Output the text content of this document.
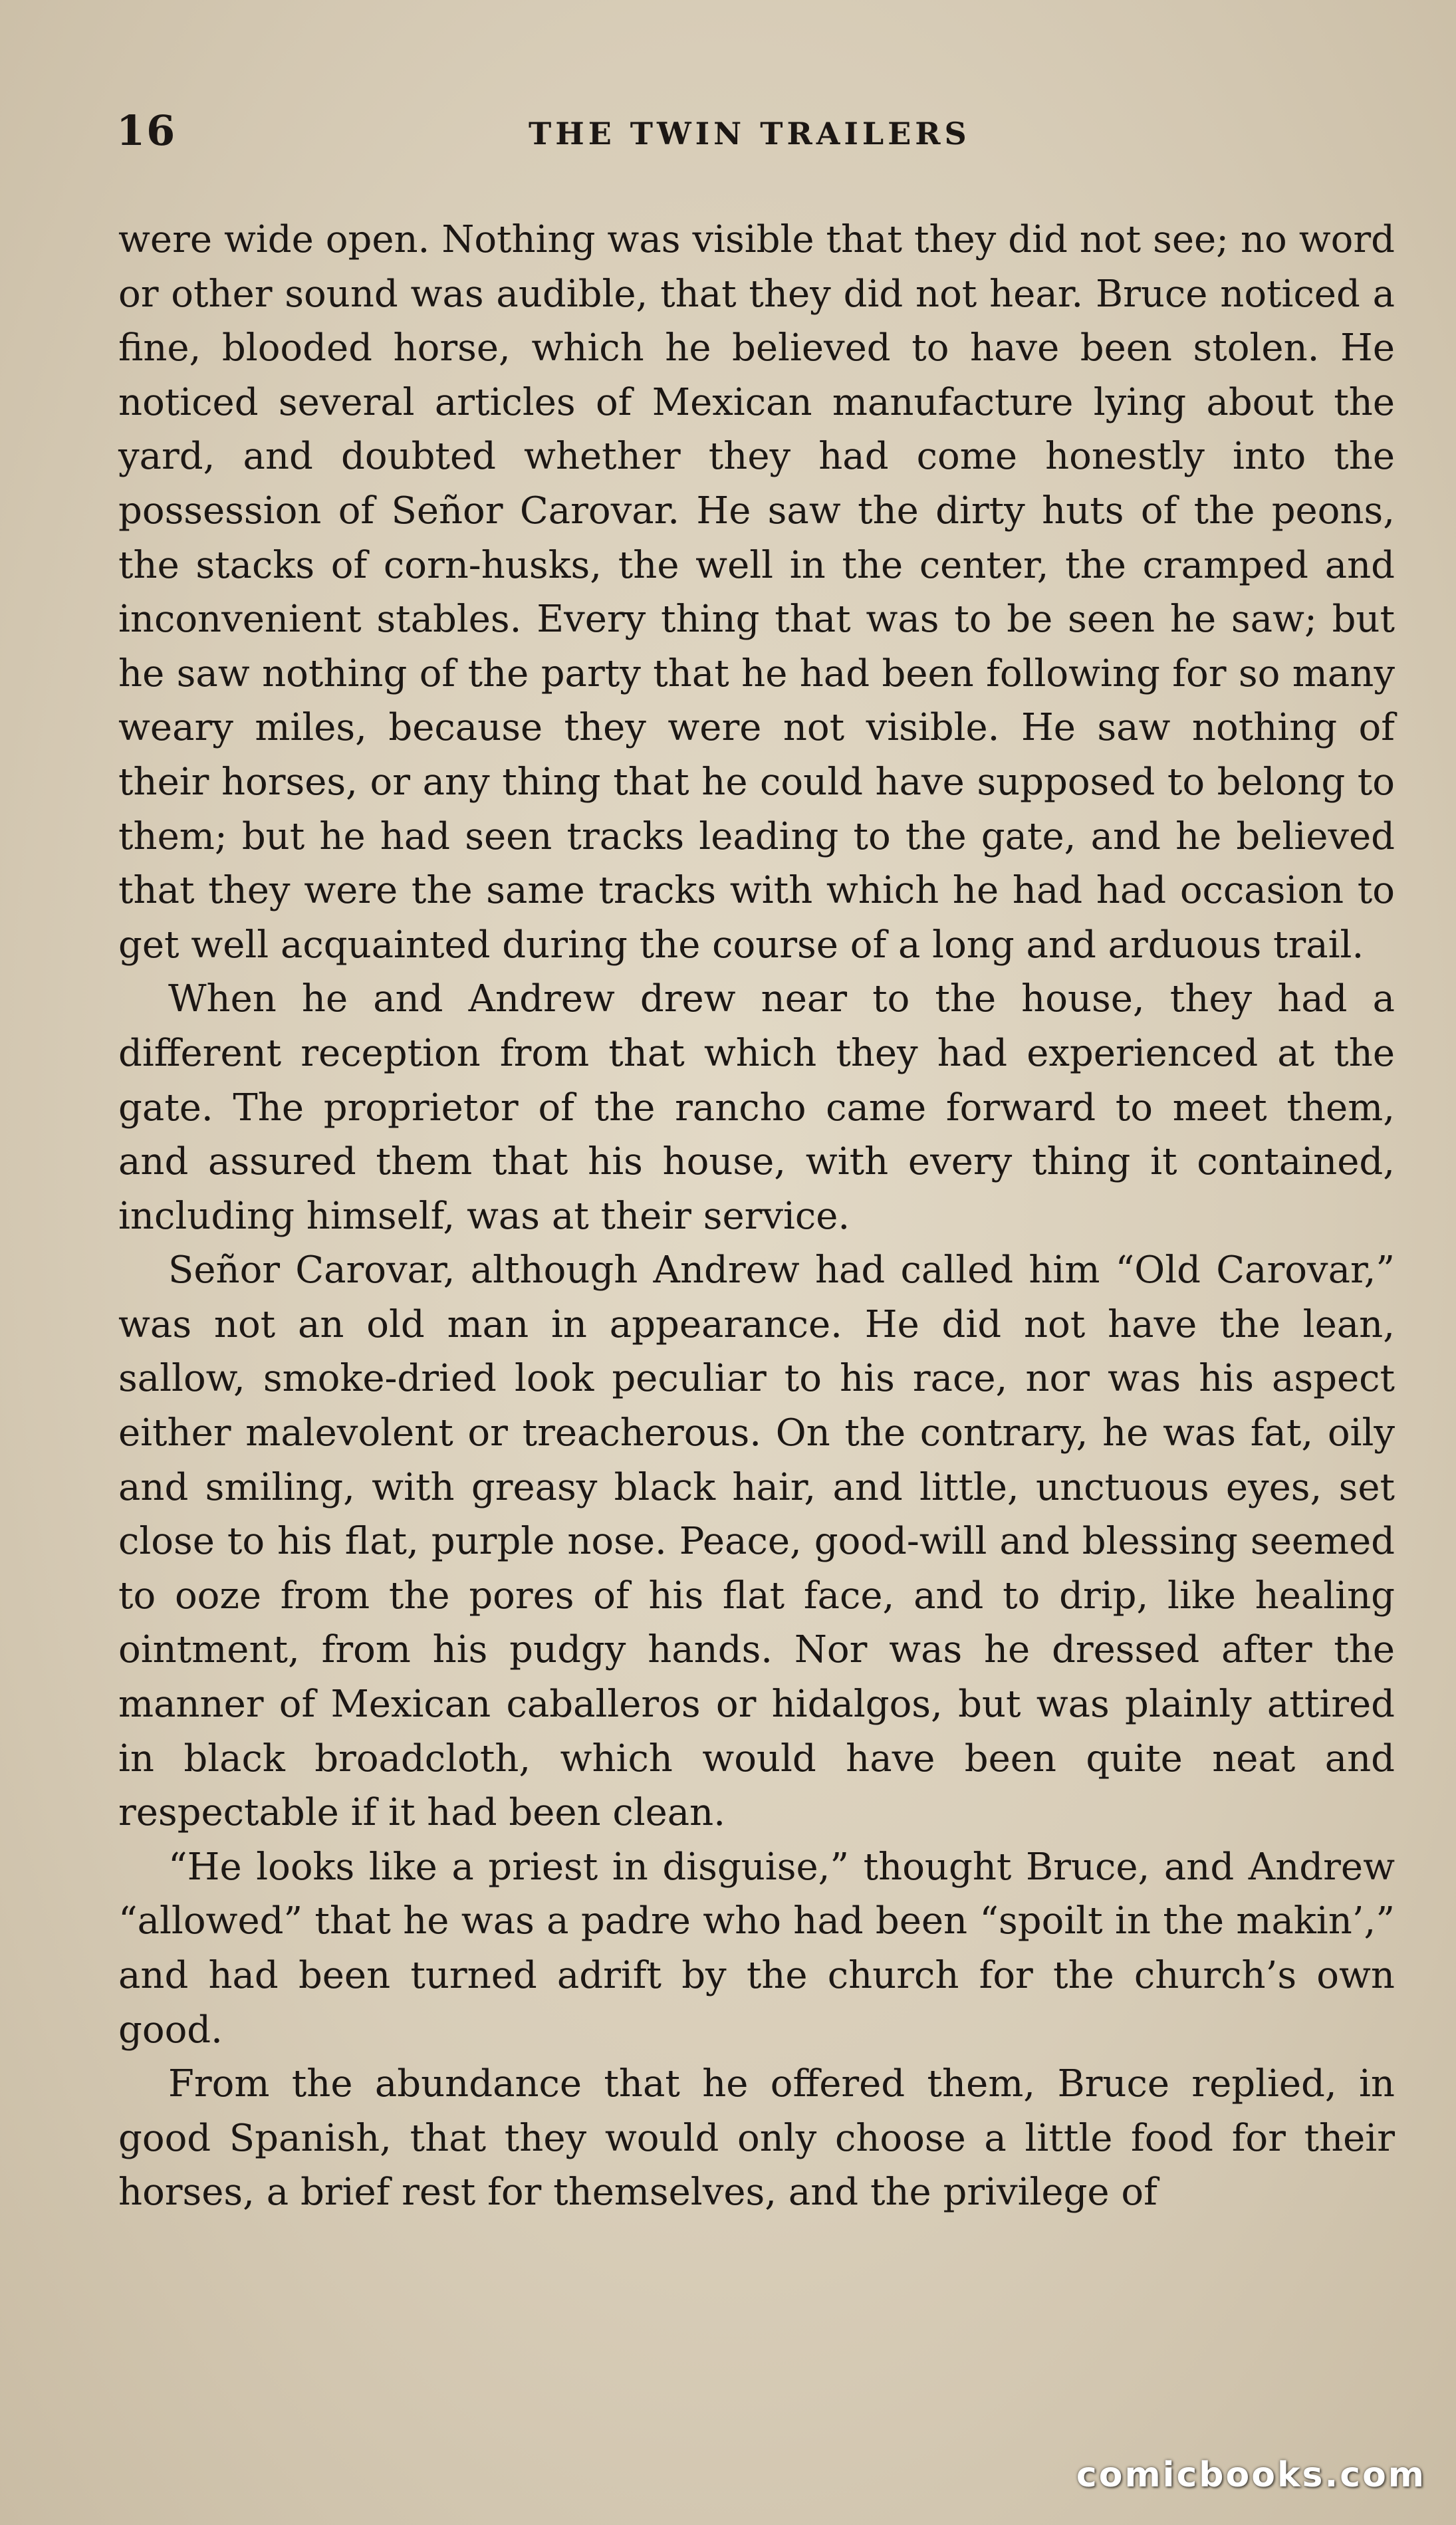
16	THE TWIN TRAILERS

were wide open. Nothing was visible that they did not see; no word or other sound was audible, that they did not hear. Bruce noticed a fine, blooded horse, which he believed to have been stolen. He noticed several articles of Mexican manufacture lying about the yard, and doubted whether they had come honestly into the possession of Señor Carovar. He saw the dirty huts of the peons, the stacks of corn-husks, the well in the center, the cramped and inconvenient stables. Every thing that was to be seen he saw; but he saw nothing of the party that he had been following for so many weary miles, because they were not visible. He saw nothing of their horses, or any thing that he could have supposed to belong to them; but he had seen tracks leading to the gate, and he believed that they were the same tracks with which he had had occasion to get well acquainted during the course of a long and arduous trail.

When he and Andrew drew near to the house, they had a different reception from that which they had experienced at the gate. The proprietor of the rancho came forward to meet them, and assured them that his house, with every thing it contained, including himself, was at their service.

Señor Carovar, although Andrew had called him “Old Carovar,” was not an old man in appearance. He did not have the lean, sallow, smoke-dried look peculiar to his race, nor was his aspect either malevolent or treacherous. On the contrary, he was fat, oily and smiling, with greasy black hair, and little, unctuous eyes, set close to his flat, purple nose. Peace, good-will and blessing seemed to ooze from the pores of his flat face, and to drip, like healing ointment, from his pudgy hands. Nor was he dressed after the manner of Mexican caballeros or hidalgos, but was plainly attired in black broadcloth, which would have been quite neat and respectable if it had been clean.

“He looks like a priest in disguise,” thought Bruce, and Andrew “allowed” that he was a padre who had been “spoilt in the makin’,” and had been turned adrift by the church for the church’s own good.

From the abundance that he offered them, Bruce replied, in good Spanish, that they would only choose a little food for their horses, a brief rest for themselves, and the privilege of

comicbooks.com
